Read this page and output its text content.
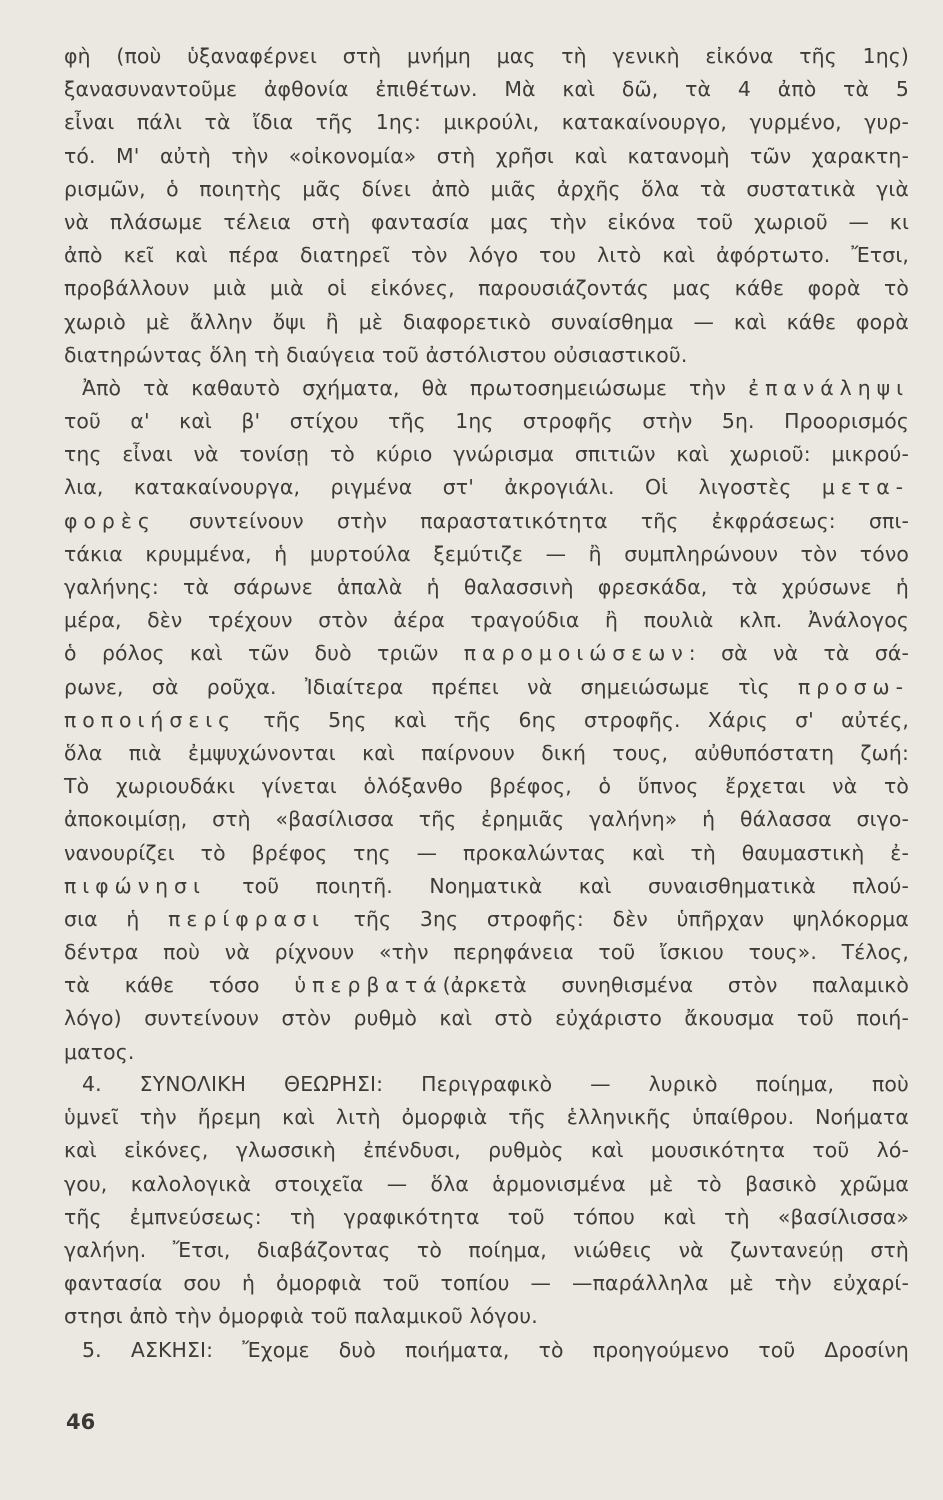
φὴ (ποὺ ὑξαναφέρνει στὴ μνήμη μας τὴ γενικὴ εἰκόνα τῆς 1ης)
ξανασυναντοῦμε ἀφθονία ἐπιθέτων. Μὰ καὶ δῶ, τὰ 4 ἀπὸ τὰ 5
εἶναι πάλι τὰ ἴδια τῆς 1ης: μικρούλι, κατακαίνουργο, γυρμένο, γυρ-
τό. Μ' αὐτὴ τὴν «οἰκονομία» στὴ χρῆσι καὶ κατανομὴ τῶν χαρακτη-
ρισμῶν, ὁ ποιητὴς μᾶς δίνει ἀπὸ μιᾶς ἀρχῆς ὅλα τὰ συστατικὰ γιὰ
νὰ πλάσωμε τέλεια στὴ φαντασία μας τὴν εἰκόνα τοῦ χωριοῦ — κι
ἀπὸ κεῖ καὶ πέρα διατηρεῖ τὸν λόγο του λιτὸ καὶ ἀφόρτωτο. Ἔτσι,
προβάλλουν μιὰ μιὰ οἱ εἰκόνες, παρουσιάζοντάς μας κάθε φορὰ τὸ
χωριὸ μὲ ἄλλην ὄψι ἢ μὲ διαφορετικὸ συναίσθημα — καὶ κάθε φορὰ
διατηρώντας ὅλη τὴ διαύγεια τοῦ ἀστόλιστου οὐσιαστικοῦ.
Ἀπὸ τὰ καθαυτὸ σχήματα, θὰ πρωτοσημειώσωμε τὴν ἐπανάληψι
τοῦ α' καὶ β' στίχου τῆς 1ης στροφῆς στὴν 5η. Προορισμός
της εἶναι νὰ τονίσῃ τὸ κύριο γνώρισμα σπιτιῶν καὶ χωριοῦ: μικρού-
λια, κατακαίνουργα, ριγμένα στ' ἀκρογιάλι. Οἱ λιγοστὲς μετα-
φορὲς συντείνουν στὴν παραστατικότητα τῆς ἐκφράσεως: σπι-
τάκια κρυμμένα, ἡ μυρτούλα ξεμύτιζε — ἢ συμπληρώνουν τὸν τόνο
γαλήνης: τὰ σάρωνε ἁπαλὰ ἡ θαλασσινὴ φρεσκάδα, τὰ χρύσωνε ἡ
μέρα, δὲν τρέχουν στὸν ἀέρα τραγούδια ἢ πουλιὰ κλπ. Ἀνάλογος
ὁ ρόλος καὶ τῶν δυὸ τριῶν παρομοιώσεων: σὰ νὰ τὰ σά-
ρωνε, σὰ ροῦχα. Ἰδιαίτερα πρέπει νὰ σημειώσωμε τὶς προσω-
ποποιήσεις τῆς 5ης καὶ τῆς 6ης στροφῆς. Χάρις σ' αὐτές,
ὅλα πιὰ ἐμψυχώνονται καὶ παίρνουν δική τους, αὐθυπόστατη ζωή:
Τὸ χωριουδάκι γίνεται ὁλόξανθο βρέφος, ὁ ὕπνος ἔρχεται νὰ τὸ
ἀποκοιμίσῃ, στὴ «βασίλισσα τῆς ἐρημιᾶς γαλήνη» ἡ θάλασσα σιγο-
νανουρίζει τὸ βρέφος της — προκαλώντας καὶ τὴ θαυμαστικὴ ἐ-
πιφώνησι τοῦ ποιητῆ. Νοηματικὰ καὶ συναισθηματικὰ πλού-
σια ἡ περίφρασι τῆς 3ης στροφῆς: δὲν ὑπῆρχαν ψηλόκορμα
δέντρα ποὺ νὰ ρίχνουν «τὴν περηφάνεια τοῦ ἴσκιου τους». Τέλος,
τὰ κάθε τόσο ὑπερβατά(ἀρκετὰ συνηθισμένα στὸν παλαμικὸ
λόγο) συντείνουν στὸν ρυθμὸ καὶ στὸ εὐχάριστο ἄκουσμα τοῦ ποιή-
ματος.
4. ΣΥΝΟΛΙΚΗ ΘΕΩΡΗΣΙ: Περιγραφικὸ — λυρικὸ ποίημα, ποὺ
ὑμνεῖ τὴν ἤρεμη καὶ λιτὴ ὀμορφιὰ τῆς ἑλληνικῆς ὑπαίθρου. Νοήματα
καὶ εἰκόνες, γλωσσικὴ ἐπένδυσι, ρυθμὸς καὶ μουσικότητα τοῦ λό-
γου, καλολογικὰ στοιχεῖα — ὅλα ἁρμονισμένα μὲ τὸ βασικὸ χρῶμα
τῆς ἐμπνεύσεως: τὴ γραφικότητα τοῦ τόπου καὶ τὴ «βασίλισσα»
γαλήνη. Ἔτσι, διαβάζοντας τὸ ποίημα, νιώθεις νὰ ζωντανεύῃ στὴ
φαντασία σου ἡ ὀμορφιὰ τοῦ τοπίου — —παράλληλα μὲ τὴν εὐχαρί-
στησι ἀπὸ τὴν ὀμορφιὰ τοῦ παλαμικοῦ λόγου.
5. ΑΣΚΗΣΙ: Ἔχομε δυὸ ποιήματα, τὸ προηγούμενο τοῦ Δροσίνη
46
